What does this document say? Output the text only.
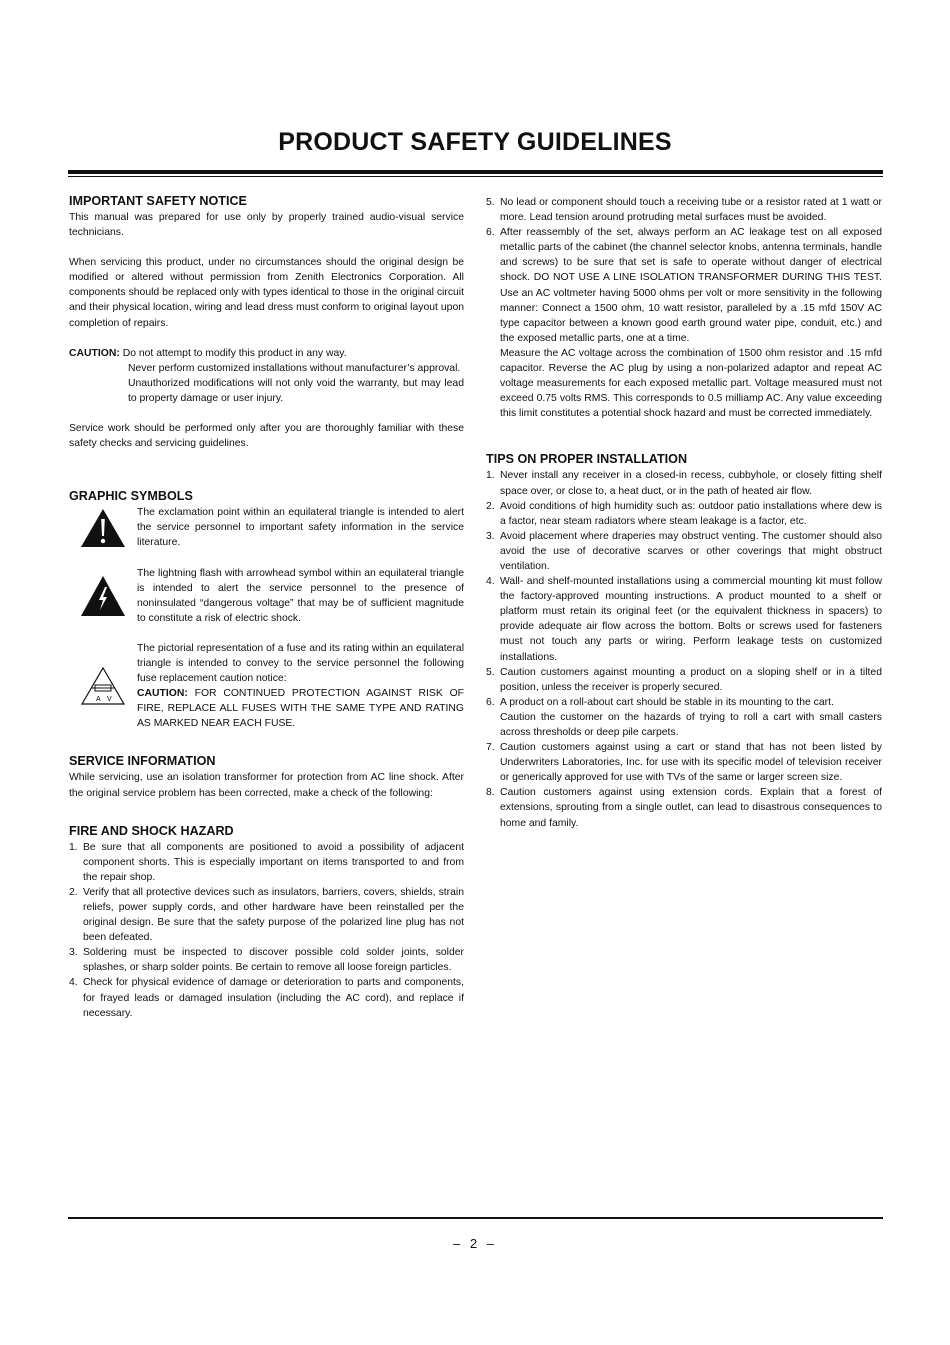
PRODUCT SAFETY GUIDELINES
IMPORTANT SAFETY NOTICE

This manual was prepared for use only by properly trained audio-visual service technicians.

When servicing this product, under no circumstances should the original design be modified or altered without permission from Zenith Electronics Corporation. All components should be replaced only with types identical to those in the original circuit and their physical location, wiring and lead dress must conform to original layout upon completion of repairs.

CAUTION: Do not attempt to modify this product in any way.

Never perform customized installations without manufacturer’s approval.

Unauthorized modifications will not only void the warranty, but may lead to property damage or user injury.

Service work should be performed only after you are thoroughly familiar with these safety checks and servicing guidelines.

GRAPHIC SYMBOLS

The exclamation point within an equilateral triangle is intended to alert the service personnel to important safety information in the service literature.

The lightning flash with arrowhead symbol within an equilateral triangle is intended to alert the service personnel to the presence of noninsulated “dangerous voltage” that may be of sufficient magnitude to constitute a risk of electric shock.

A V

The pictorial representation of a fuse and its rating within an equilateral triangle is intended to convey to the service personnel the following fuse replacement caution notice:

CAUTION: FOR CONTINUED PROTECTION AGAINST RISK OF FIRE, REPLACE ALL FUSES WITH THE SAME TYPE AND RATING AS MARKED NEAR EACH FUSE.

SERVICE INFORMATION

While servicing, use an isolation transformer for protection from AC line shock. After the original service problem has been corrected, make a check of the following:

FIRE AND SHOCK HAZARD
1. Be sure that all components are positioned to avoid a possibility of adjacent component shorts. This is especially important on items transported to and from the repair shop.
2. Verify that all protective devices such as insulators, barriers, covers, shields, strain reliefs, power supply cords, and other hardware have been reinstalled per the original design. Be sure that the safety purpose of the polarized line plug has not been defeated.
3. Soldering must be inspected to discover possible cold solder joints, solder splashes, or sharp solder points. Be certain to remove all loose foreign particles.
4. Check for physical evidence of damage or deterioration to parts and components, for frayed leads or damaged insulation (including the AC cord), and replace if necessary.
5. No lead or component should touch a receiving tube or a resistor rated at 1 watt or more. Lead tension around protruding metal surfaces must be avoided.
6. After reassembly of the set, always perform an AC leakage test on all exposed metallic parts of the cabinet (the channel selector knobs, antenna terminals, handle and screws) to be sure that set is safe to operate without danger of electrical shock. DO NOT USE A LINE ISOLATION TRANSFORMER DURING THIS TEST. Use an AC voltmeter having 5000 ohms per volt or more sensitivity in the following manner: Connect a 1500 ohm, 10 watt resistor, paralleled by a .15 mfd 150V AC type capacitor between a known good earth ground water pipe, conduit, etc.) and the exposed metallic parts, one at a time.

Measure the AC voltage across the combination of 1500 ohm resistor and .15 mfd capacitor. Reverse the AC plug by using a non-polarized adaptor and repeat AC voltage measurements for each exposed metallic part. Voltage measured must not exceed 0.75 volts RMS. This corresponds to 0.5 milliamp AC. Any value exceeding this limit constitutes a potential shock hazard and must be corrected immediately.

TIPS ON PROPER INSTALLATION
1. Never install any receiver in a closed-in recess, cubbyhole, or closely fitting shelf space over, or close to, a heat duct, or in the path of heated air flow.
2. Avoid conditions of high humidity such as: outdoor patio installations where dew is a factor, near steam radiators where steam leakage is a factor, etc.
3. Avoid placement where draperies may obstruct venting. The customer should also avoid the use of decorative scarves or other coverings that might obstruct ventilation.
4. Wall- and shelf-mounted installations using a commercial mounting kit must follow the factory-approved mounting instructions. A product mounted to a shelf or platform must retain its original feet (or the equivalent thickness in spacers) to provide adequate air flow across the bottom. Bolts or screws used for fasteners must not touch any parts or wiring. Perform leakage tests on customized installations.
5. Caution customers against mounting a product on a sloping shelf or in a tilted position, unless the receiver is properly secured.
6. A product on a roll-about cart should be stable in its mounting to the cart.

Caution the customer on the hazards of trying to roll a cart with small casters across thresholds or deep pile carpets.

7. Caution customers against using a cart or stand that has not been listed by Underwriters Laboratories, Inc. for use with its specific model of television receiver or generically approved for use with TVs of the same or larger screen size.
8. Caution customers against using extension cords. Explain that a forest of extensions, sprouting from a single outlet, can lead to disastrous consequences to home and family.
– 2 –
